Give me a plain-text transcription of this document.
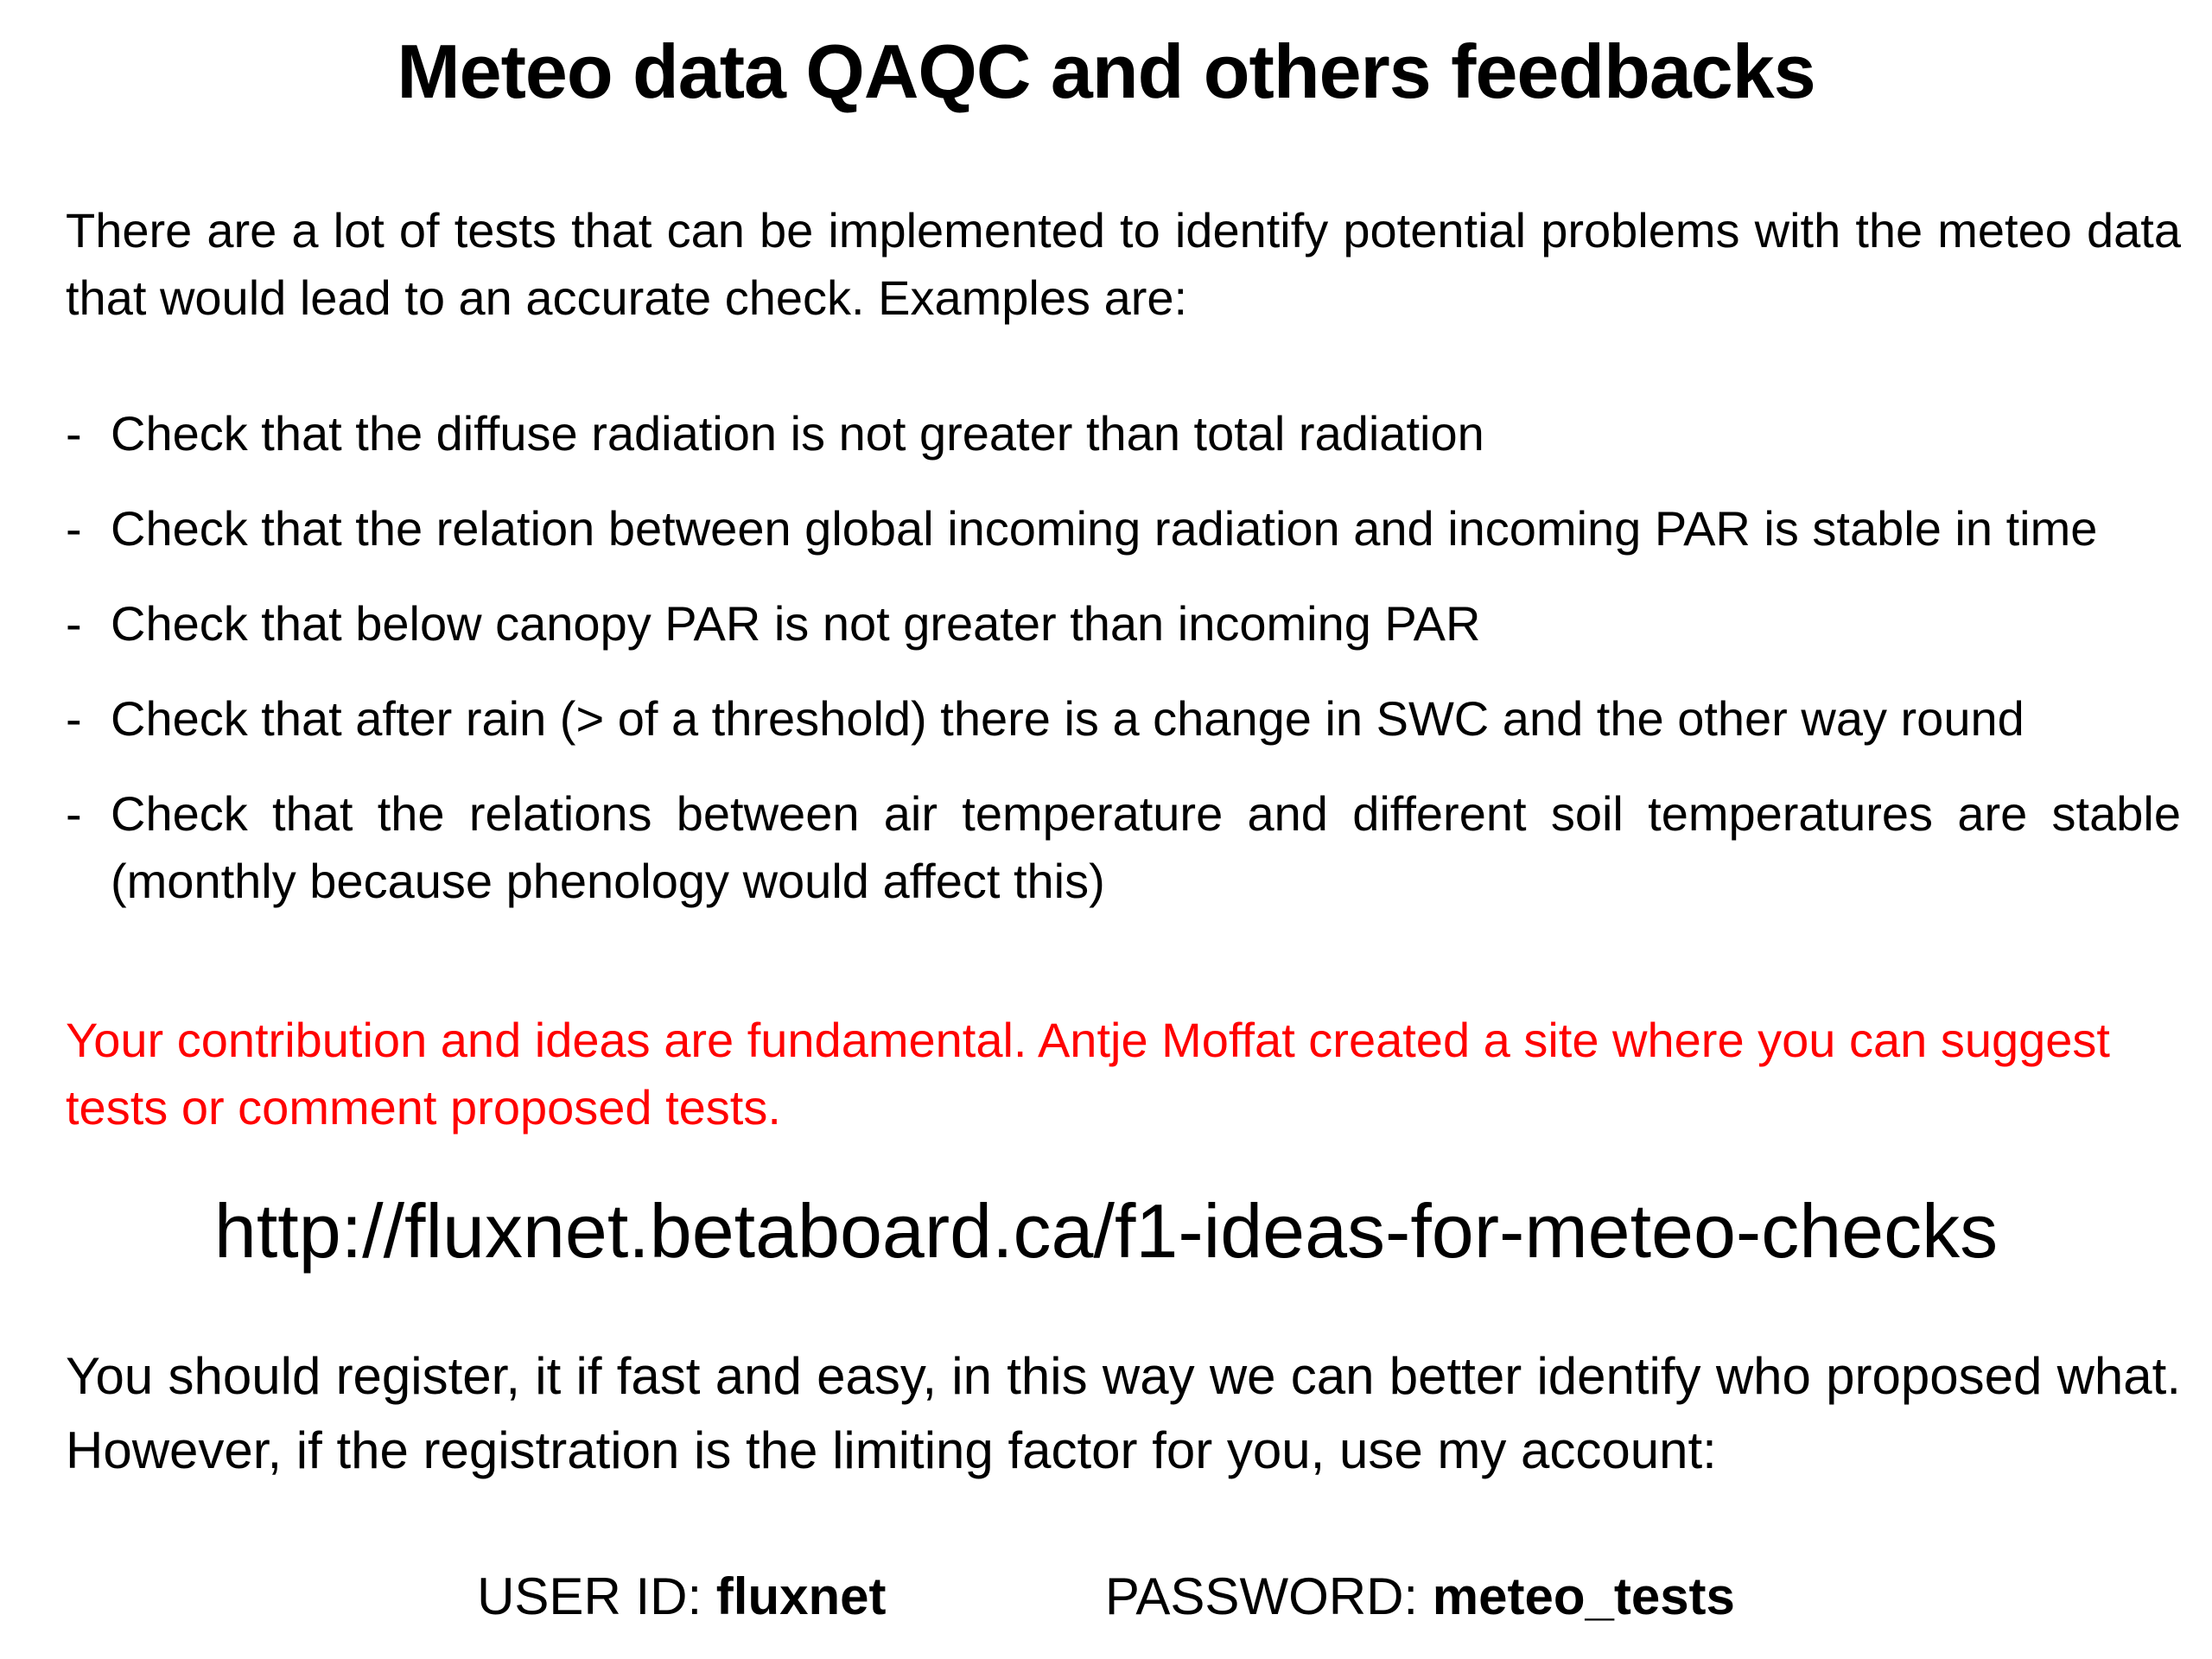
Meteo data QAQC and others feedbacks
There are a lot of tests that can be implemented to identify potential problems with the meteo data that would lead to an accurate check. Examples are:
- Check that the diffuse radiation is not greater than total radiation
- Check that the relation between global incoming radiation and incoming PAR is stable in time
- Check that below canopy PAR is not greater than incoming PAR
- Check that after rain (> of a threshold) there is a change in SWC and the other way round
- Check that the relations between air temperature and different soil temperatures are stable (monthly because phenology would affect this)
Your contribution and ideas are fundamental. Antje Moffat created a site where you can suggest tests or comment proposed tests.
http://fluxnet.betaboard.ca/f1-ideas-for-meteo-checks
You should register, it if fast and easy, in this way we can better identify who proposed what. However, if the registration is the limiting factor for you, use my account:
USER ID: fluxnet	PASSWORD: meteo_tests
